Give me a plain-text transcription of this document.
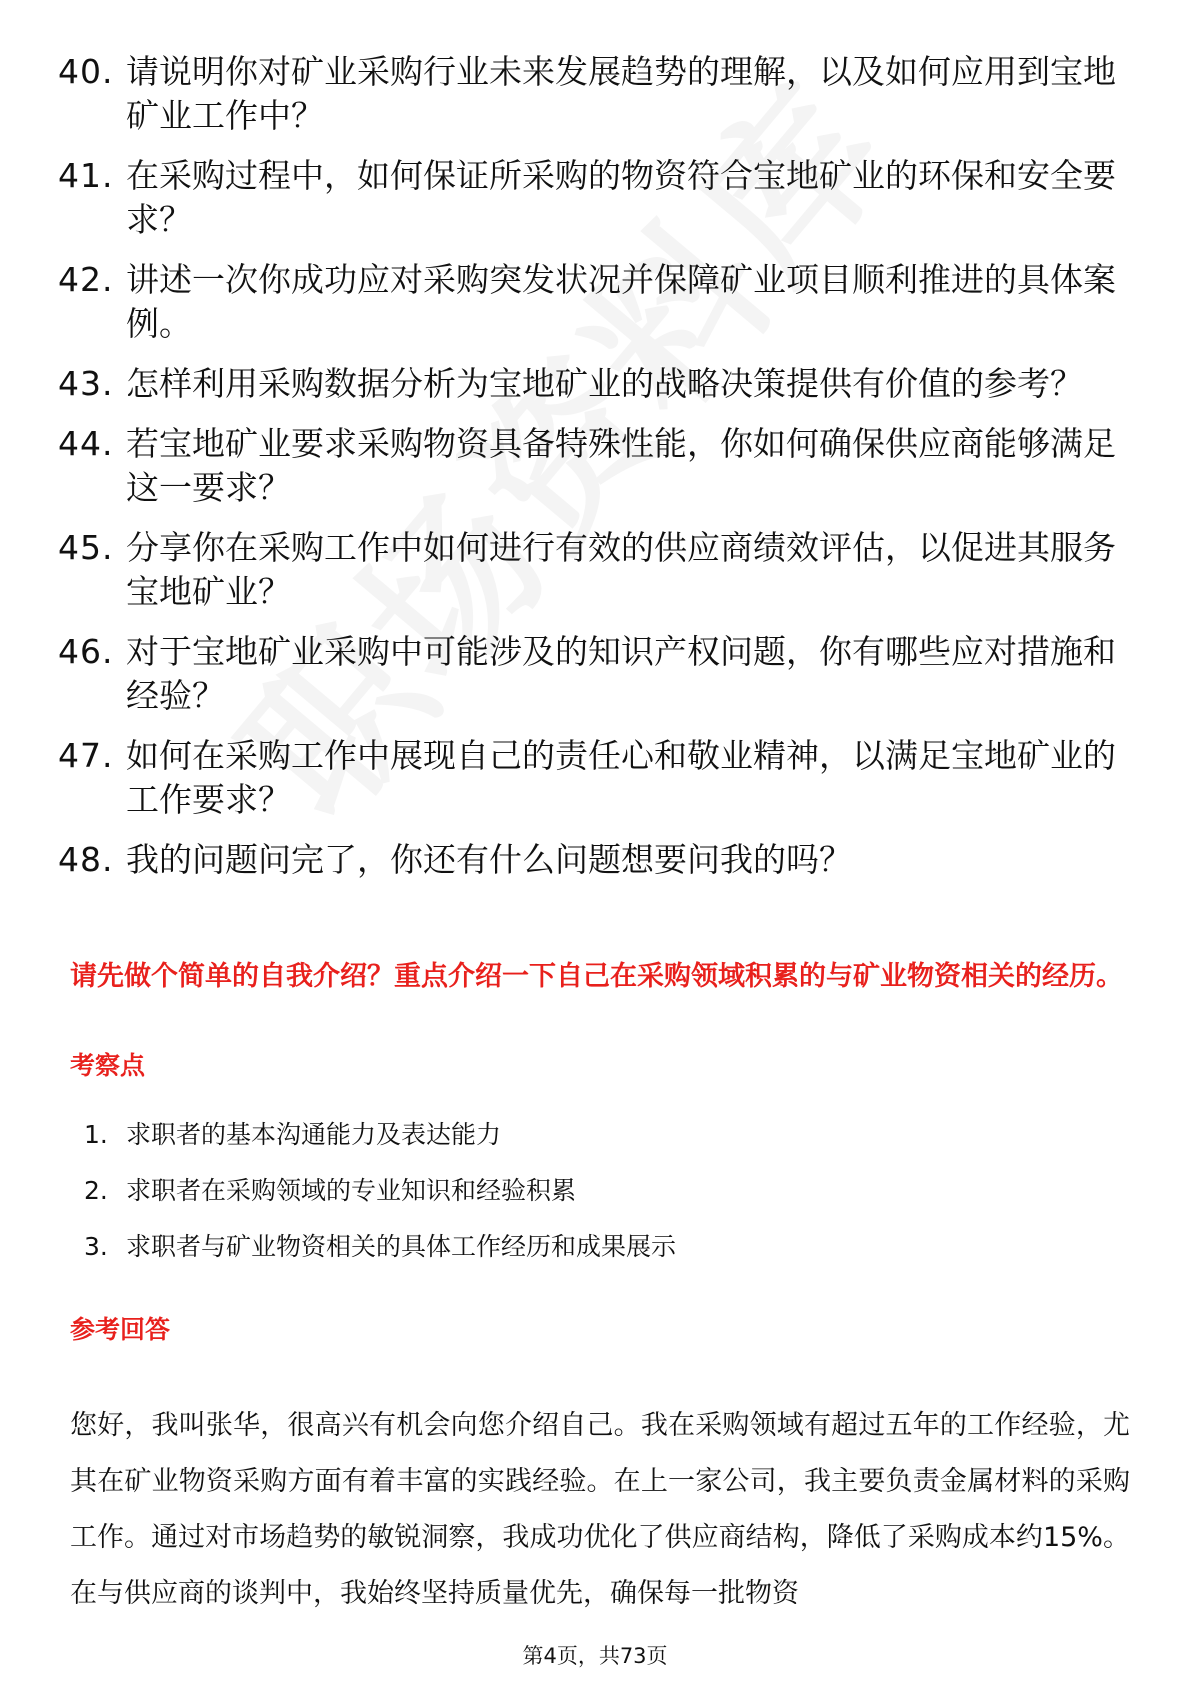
40. 请说明你对矿业采购行业未来发展趋势的理解，以及如何应用到宝地矿业工作中？
41. 在采购过程中，如何保证所采购的物资符合宝地矿业的环保和安全要求？
42. 讲述一次你成功应对采购突发状况并保障矿业项目顺利推进的具体案例。
43. 怎样利用采购数据分析为宝地矿业的战略决策提供有价值的参考？
44. 若宝地矿业要求采购物资具备特殊性能，你如何确保供应商能够满足这一要求？
45. 分享你在采购工作中如何进行有效的供应商绩效评估，以促进其服务宝地矿业？
46. 对于宝地矿业采购中可能涉及的知识产权问题，你有哪些应对措施和经验？
47. 如何在采购工作中展现自己的责任心和敬业精神，以满足宝地矿业的工作要求？
48. 我的问题问完了，你还有什么问题想要问我的吗？
请先做个简单的自我介绍？重点介绍一下自己在采购领域积累的与矿业物资相关的经历。
考察点
1. 求职者的基本沟通能力及表达能力
2. 求职者在采购领域的专业知识和经验积累
3. 求职者与矿业物资相关的具体工作经历和成果展示
参考回答
您好，我叫张华，很高兴有机会向您介绍自己。我在采购领域有超过五年的工作经验，尤其在矿业物资采购方面有着丰富的实践经验。在上一家公司，我主要负责金属材料的采购工作。通过对市场趋势的敏锐洞察，我成功优化了供应商结构，降低了采购成本约15%。在与供应商的谈判中，我始终坚持质量优先，确保每一批物资
第4页，共73页
